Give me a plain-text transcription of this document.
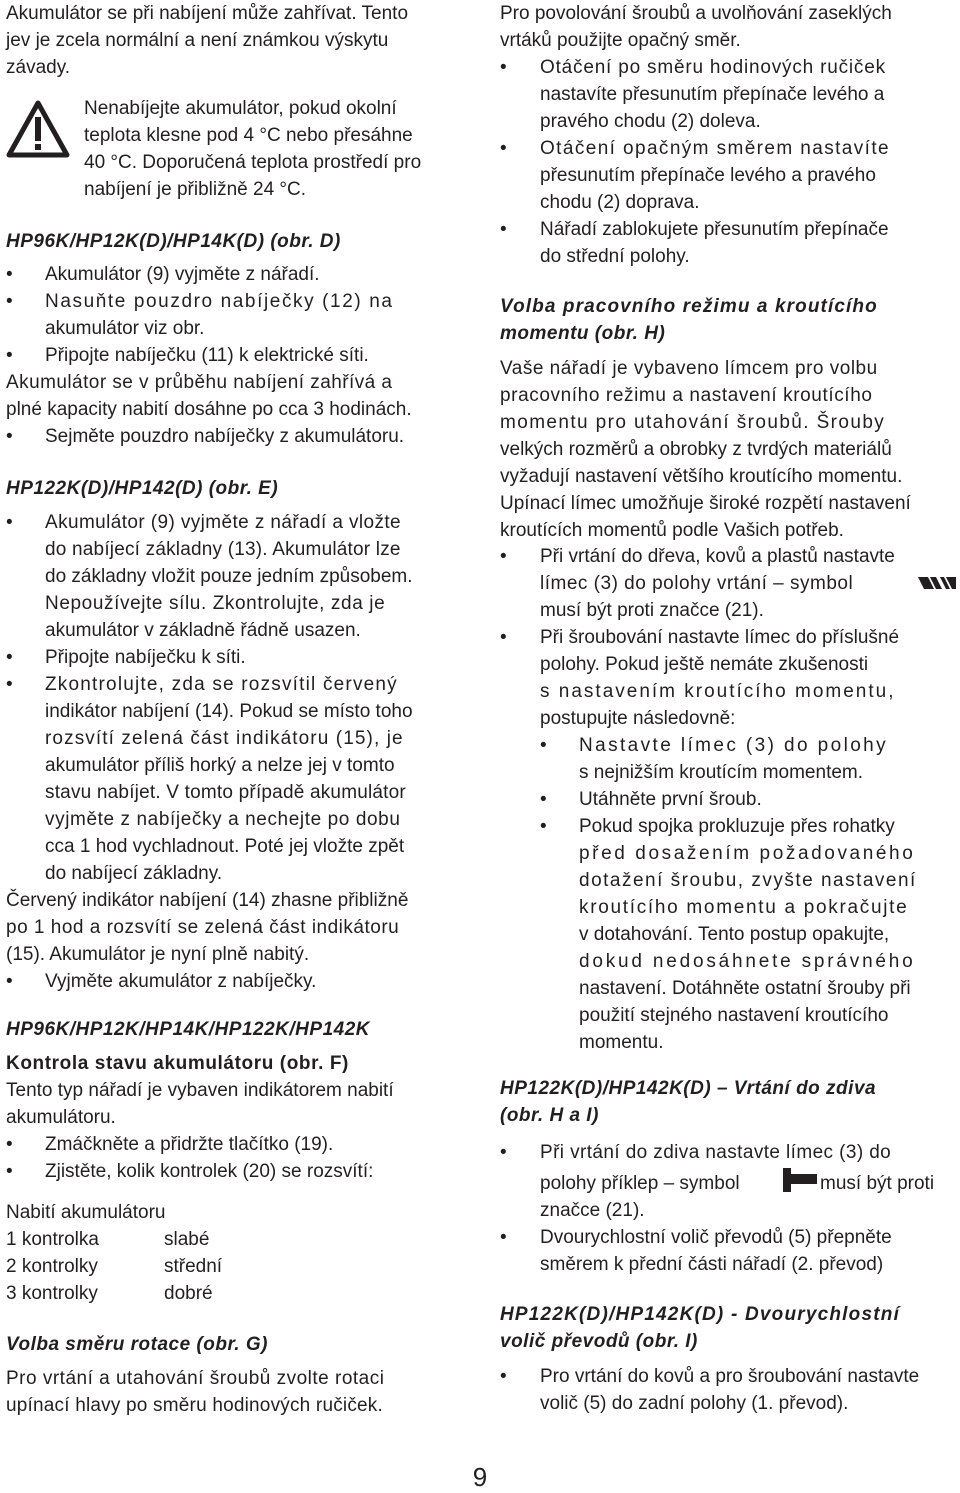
Akumulátor se při nabíjení může zahřívat. Tento
jev je zcela normální a není známkou výskytu
závady.
Nenabíjejte akumulátor, pokud okolní
teplota klesne pod 4 °C nebo přesáhne
40 °C. Doporučená teplota prostředí pro
nabíjení je přibližně 24 °C.
HP96K/HP12K(D)/HP14K(D) (obr. D)
• Akumulátor (9) vyjměte z nářadí.
• Nasuňte pouzdro nabíječky (12) na
akumulátor viz obr.
• Připojte nabíječku (11) k elektrické síti.
Akumulátor se v průběhu nabíjení zahřívá a
plné kapacity nabití dosáhne po cca 3 hodinách.
• Sejměte pouzdro nabíječky z akumulátoru.
HP122K(D)/HP142(D) (obr. E)
• Akumulátor (9) vyjměte z nářadí a vložte
do nabíjecí základny (13). Akumulátor lze
do základny vložit pouze jedním způsobem.
Nepoužívejte sílu. Zkontrolujte, zda je
akumulátor v základně řádně usazen.
• Připojte nabíječku k síti.
• Zkontrolujte, zda se rozsvítil červený
indikátor nabíjení (14). Pokud se místo toho
rozsvítí zelená část indikátoru (15), je
akumulátor příliš horký a nelze jej v tomto
stavu nabíjet. V tomto případě akumulátor
vyjměte z nabíječky a nechejte po dobu
cca 1 hod vychladnout. Poté jej vložte zpět
do nabíjecí základny.
Červený indikátor nabíjení (14) zhasne přibližně
po 1 hod a rozsvítí se zelená část indikátoru
(15). Akumulátor je nyní plně nabitý.
• Vyjměte akumulátor z nabíječky.
HP96K/HP12K/HP14K/HP122K/HP142K
Kontrola stavu akumulátoru (obr. F)
Tento typ nářadí je vybaven indikátorem nabití
akumulátoru.
• Zmáčkněte a přidržte tlačítko (19).
• Zjistěte, kolik kontrolek (20) se rozsvítí:
Nabití akumulátoru
1 kontrolka	slabé
2 kontrolky	střední
3 kontrolky	dobré
Volba směru rotace (obr. G)
Pro vrtání a utahování šroubů zvolte rotaci
upínací hlavy po směru hodinových ručiček.
Pro povolování šroubů a uvolňování zaseklých
vrtáků použijte opačný směr.
• Otáčení po směru hodinových ručiček
nastavíte přesunutím přepínače levého a
pravého chodu (2) doleva.
• Otáčení opačným směrem nastavíte
přesunutím přepínače levého a pravého
chodu (2) doprava.
• Nářadí zablokujete přesunutím přepínače
do střední polohy.
Volba pracovního režimu a kroutícího
momentu (obr. H)
Vaše nářadí je vybaveno límcem pro volbu
pracovního režimu a nastavení kroutícího
momentu pro utahování šroubů. Šrouby
velkých rozměrů a obrobky z tvrdých materiálů
vyžadují nastavení většího kroutícího momentu.
Upínací límec umožňuje široké rozpětí nastavení
kroutících momentů podle Vašich potřeb.
• Při vrtání do dřeva, kovů a plastů nastavte
límec (3) do polohy vrtání – symbol
musí být proti značce (21).
• Při šroubování nastavte límec do příslušné
polohy. Pokud ještě nemáte zkušenosti
s nastavením kroutícího momentu,
postupujte následovně:
• Nastavte límec (3) do polohy
s nejnižším kroutícím momentem.
• Utáhněte první šroub.
• Pokud spojka prokluzuje přes rohatky
před dosažením požadovaného
dotažení šroubu, zvyšte nastavení
kroutícího momentu a pokračujte
v dotahování. Tento postup opakujte,
dokud nedosáhnete správného
nastavení. Dotáhněte ostatní šrouby při
použití stejného nastavení kroutícího
momentu.
HP122K(D)/HP142K(D) – Vrtání do zdiva
(obr. H a I)
• Při vrtání do zdiva nastavte límec (3) do
polohy příklep – symbol	musí být proti
značce (21).
• Dvourychlostní volič převodů (5) přepněte
směrem k přední části nářadí (2. převod)
HP122K(D)/HP142K(D) - Dvourychlostní
volič převodů (obr. I)
• Pro vrtání do kovů a pro šroubování nastavte
volič (5) do zadní polohy (1. převod).
9
